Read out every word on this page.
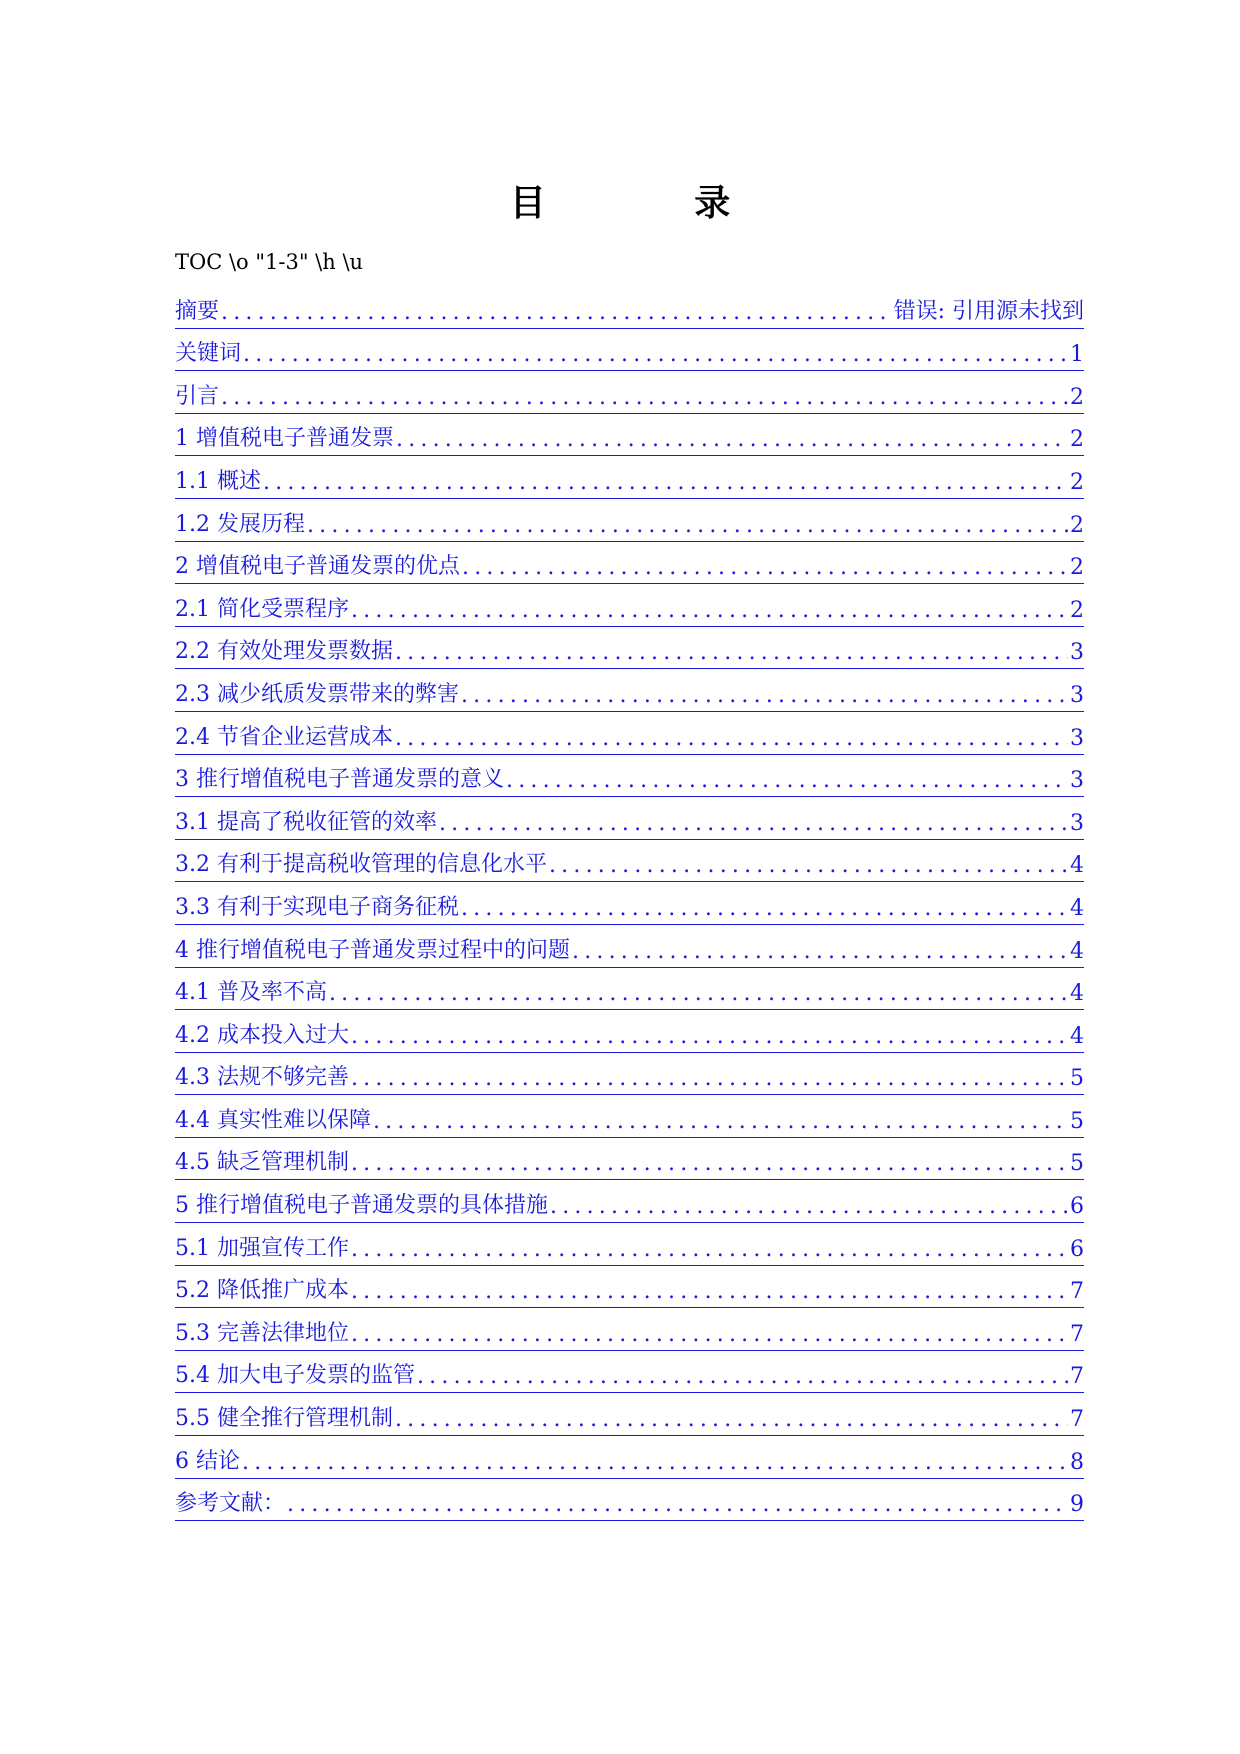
目 录
TOC \o "1-3" \h \u
摘要 .....	错误: 引用源未找到
关键词 .....	1
引言 .....	2
1 增值税电子普通发票 .....	2
1.1 概述 .....	2
1.2 发展历程 .....	2
2 增值税电子普通发票的优点 .....	2
2.1 简化受票程序 .....	2
2.2 有效处理发票数据 .....	3
2.3 减少纸质发票带来的弊害 .....	3
2.4 节省企业运营成本 .....	3
3 推行增值税电子普通发票的意义 .....	3
3.1 提高了税收征管的效率 .....	3
3.2 有利于提高税收管理的信息化水平 .....	4
3.3 有利于实现电子商务征税 .....	4
4 推行增值税电子普通发票过程中的问题 .....	4
4.1 普及率不高 .....	4
4.2 成本投入过大 .....	4
4.3 法规不够完善 .....	5
4.4 真实性难以保障 .....	5
4.5 缺乏管理机制 .....	5
5 推行增值税电子普通发票的具体措施 .....	6
5.1 加强宣传工作 .....	6
5.2 降低推广成本 .....	7
5.3 完善法律地位 .....	7
5.4 加大电子发票的监管 .....	7
5.5 健全推行管理机制 .....	7
6 结论 .....	8
参考文献： .....	9
